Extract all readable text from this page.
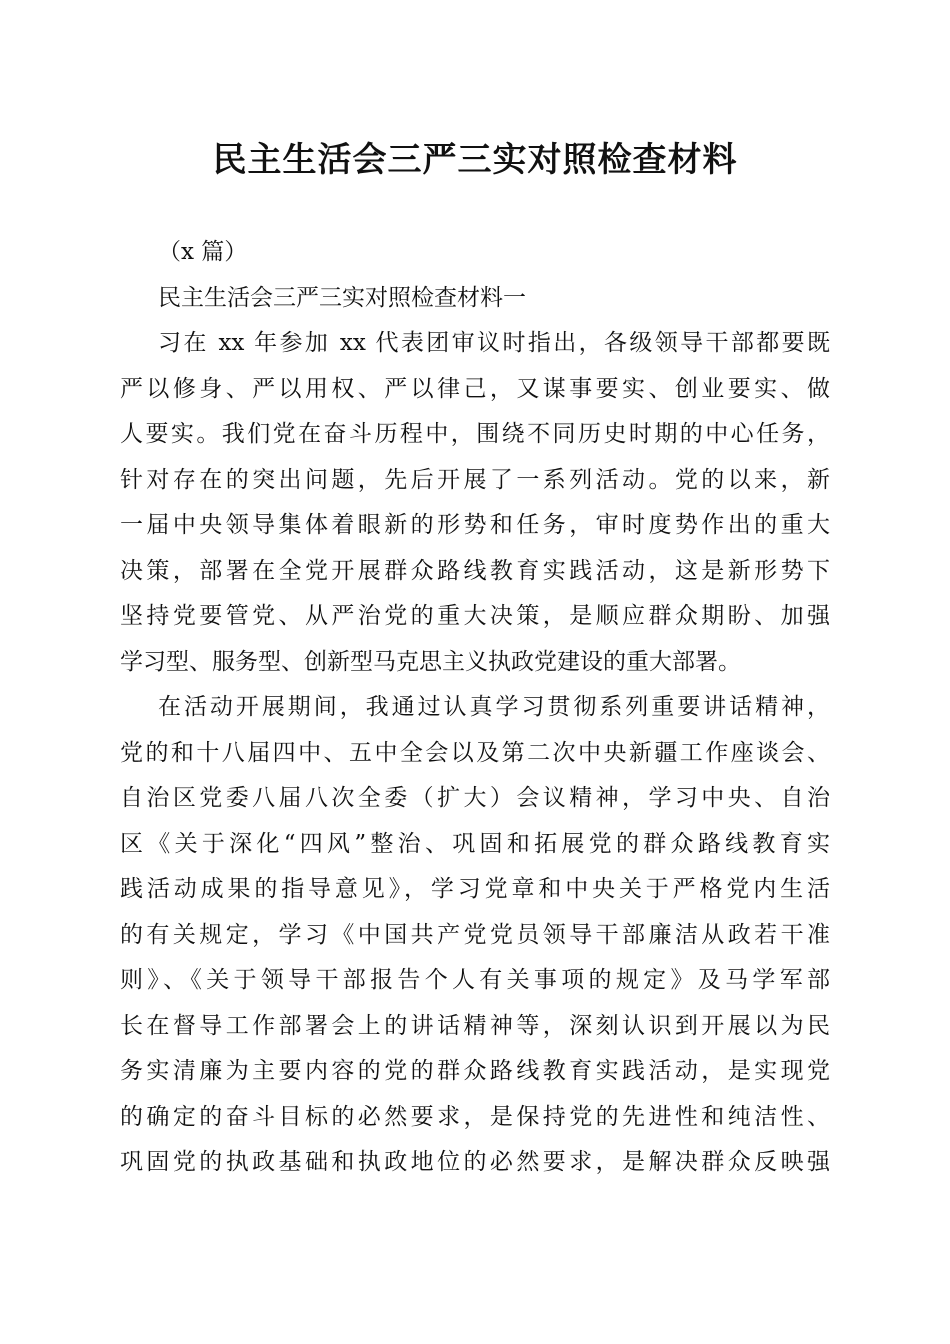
民主生活会三严三实对照检查材料
（x 篇）
民主生活会三严三实对照检查材料一
习在 xx 年参加 xx 代表团审议时指出，各级领导干部都要既
严以修身、严以用权、严以律己，又谋事要实、创业要实、做
人要实。我们党在奋斗历程中，围绕不同历史时期的中心任务，
针对存在的突出问题，先后开展了一系列活动。党的以来，新
一届中央领导集体着眼新的形势和任务，审时度势作出的重大
决策，部署在全党开展群众路线教育实践活动，这是新形势下
坚持党要管党、从严治党的重大决策，是顺应群众期盼、加强
学习型、服务型、创新型马克思主义执政党建设的重大部署。
在活动开展期间，我通过认真学习贯彻系列重要讲话精神，
党的和十八届四中、五中全会以及第二次中央新疆工作座谈会、
自治区党委八届八次全委（扩大）会议精神，学习中央、自治
区《关于深化“四风”整治、巩固和拓展党的群众路线教育实
践活动成果的指导意见》，学习党章和中央关于严格党内生活
的有关规定，学习《中国共产党党员领导干部廉洁从政若干准
则》、《关于领导干部报告个人有关事项的规定》及马学军部
长在督导工作部署会上的讲话精神等，深刻认识到开展以为民
务实清廉为主要内容的党的群众路线教育实践活动，是实现党
的确定的奋斗目标的必然要求，是保持党的先进性和纯洁性、
巩固党的执政基础和执政地位的必然要求，是解决群众反映强
